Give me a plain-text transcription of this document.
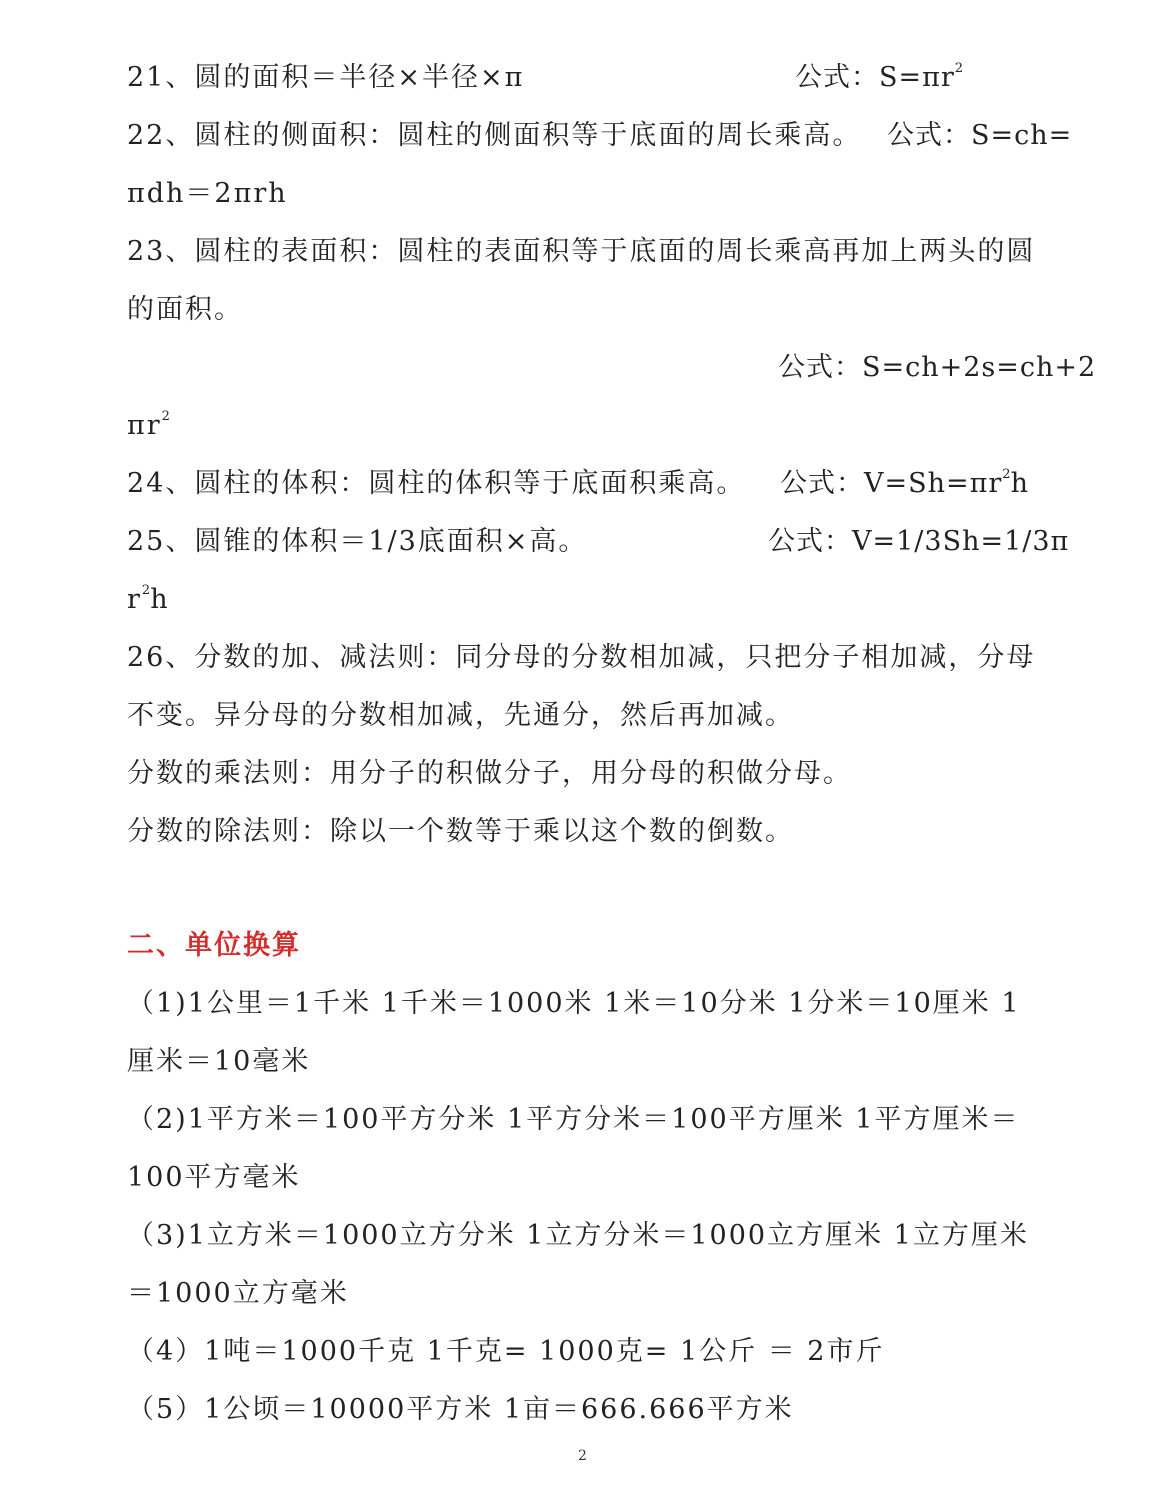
21、圆的面积＝半径×半径×π	公式：$S=\pi r^2$
22、圆柱的侧面积：圆柱的侧面积等于底面的周长乘高。 公式：S=ch=
πdh＝2πrh
23、圆柱的表面积：圆柱的表面积等于底面的周长乘高再加上两头的圆
的面积。
公式：S=ch+2s=ch+2
$\pi r^2$
24、圆柱的体积：圆柱的体积等于底面积乘高。 公式：$V=Sh=\pi r^2h$
25、圆锥的体积＝1/3底面积×高。	公式：V=1/3Sh=1/3π
$r^2h$
26、分数的加、减法则：同分母的分数相加减，只把分子相加减，分母
不变。异分母的分数相加减，先通分，然后再加减。
分数的乘法则：用分子的积做分子，用分母的积做分母。
分数的除法则：除以一个数等于乘以这个数的倒数。
二、单位换算
（1)1公里＝1千米 1千米＝1000米 1米＝10分米 1分米＝10厘米 1
厘米＝10毫米
（2)1平方米＝100平方分米 1平方分米＝100平方厘米 1平方厘米＝
100平方毫米
（3)1立方米＝1000立方分米 1立方分米＝1000立方厘米 1立方厘米
＝1000立方毫米
（4）1吨＝1000千克 1千克= 1000克= 1公斤 ＝ 2市斤
（5）1公顷＝10000平方米 1亩＝666.666平方米
2
